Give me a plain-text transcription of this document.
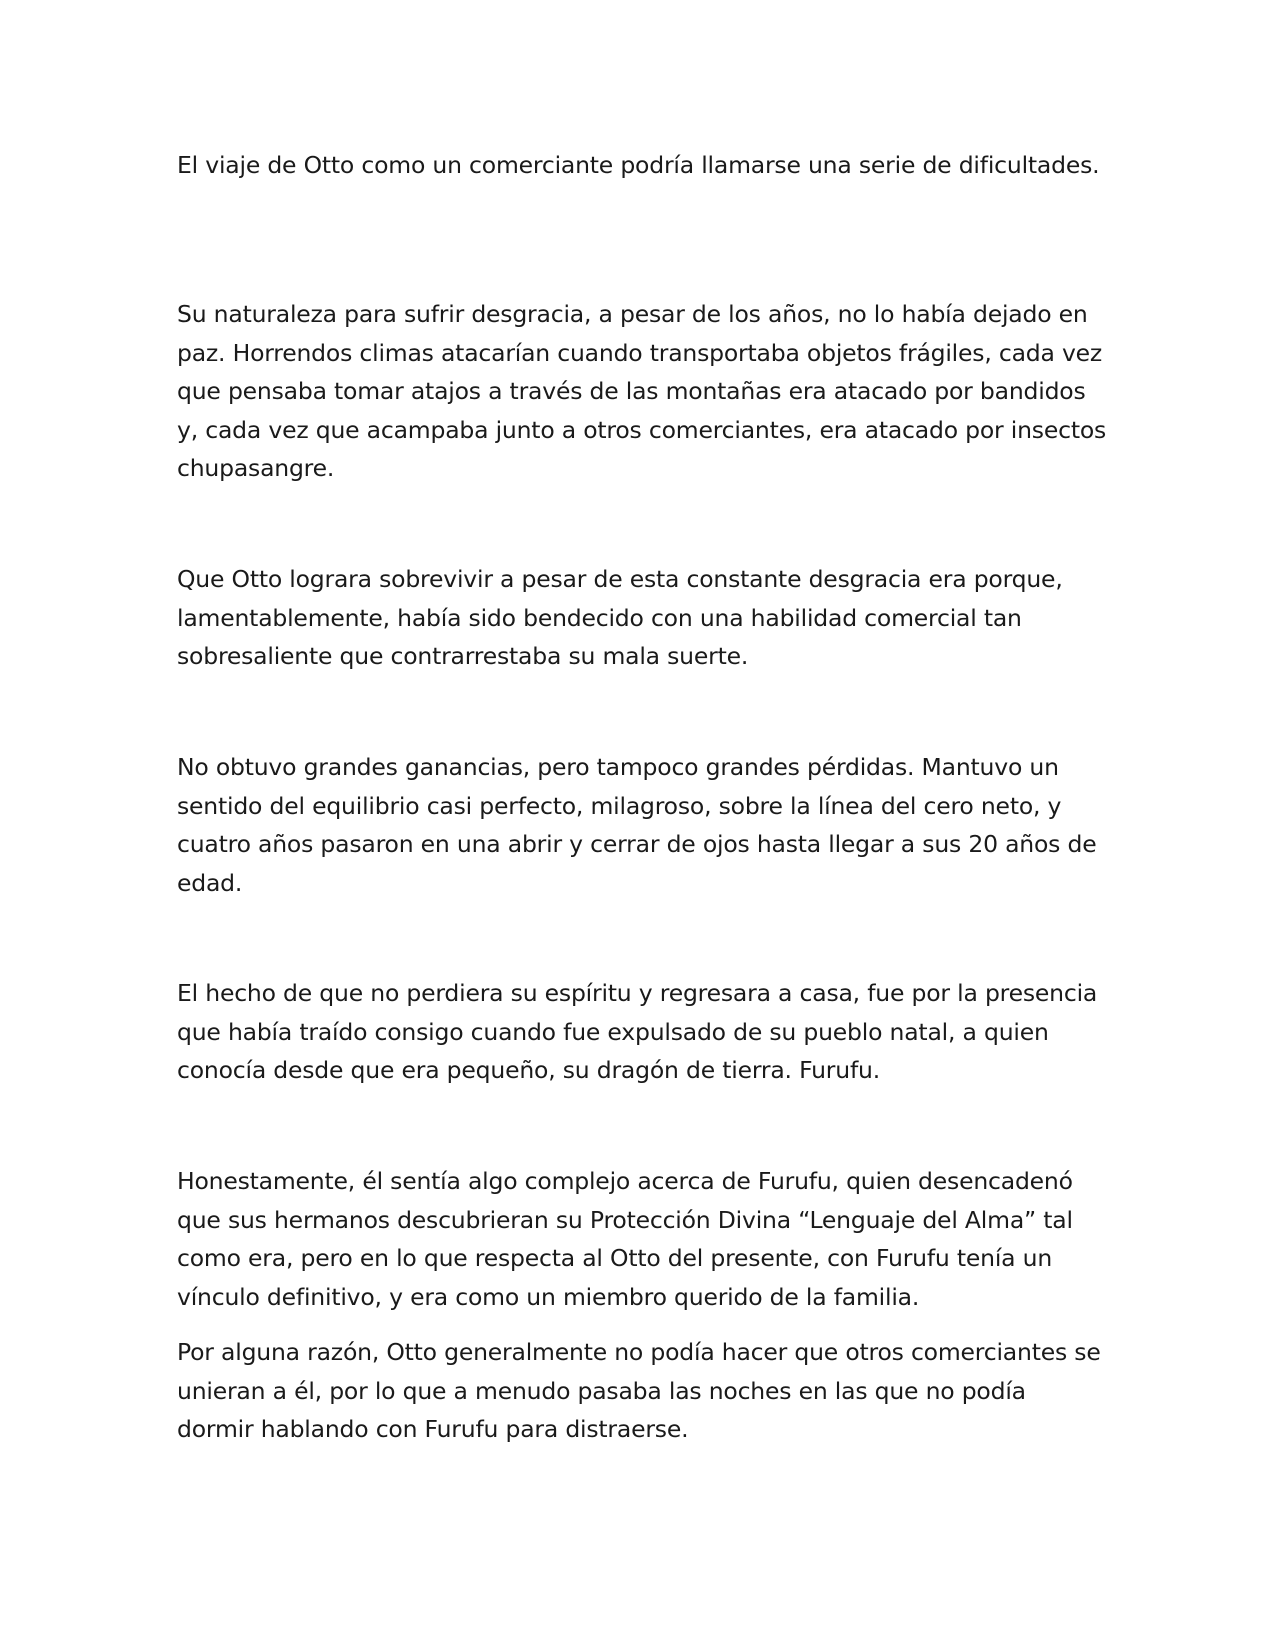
El viaje de Otto como un comerciante podría llamarse una serie de dificultades.

Su naturaleza para sufrir desgracia, a pesar de los años, no lo había dejado en paz. Horrendos climas atacarían cuando transportaba objetos frágiles, cada vez que pensaba tomar atajos a través de las montañas era atacado por bandidos y, cada vez que acampaba junto a otros comerciantes, era atacado por insectos chupasangre.

Que Otto lograra sobrevivir a pesar de esta constante desgracia era porque, lamentablemente, había sido bendecido con una habilidad comercial tan sobresaliente que contrarrestaba su mala suerte.

No obtuvo grandes ganancias, pero tampoco grandes pérdidas. Mantuvo un sentido del equilibrio casi perfecto, milagroso, sobre la línea del cero neto, y cuatro años pasaron en una abrir y cerrar de ojos hasta llegar a sus 20 años de edad.

El hecho de que no perdiera su espíritu y regresara a casa, fue por la presencia que había traído consigo cuando fue expulsado de su pueblo natal, a quien conocía desde que era pequeño, su dragón de tierra. Furufu.

Honestamente, él sentía algo complejo acerca de Furufu, quien desencadenó que sus hermanos descubrieran su Protección Divina “Lenguaje del Alma” tal como era, pero en lo que respecta al Otto del presente, con Furufu tenía un vínculo definitivo, y era como un miembro querido de la familia.

Por alguna razón, Otto generalmente no podía hacer que otros comerciantes se unieran a él, por lo que a menudo pasaba las noches en las que no podía dormir hablando con Furufu para distraerse.
